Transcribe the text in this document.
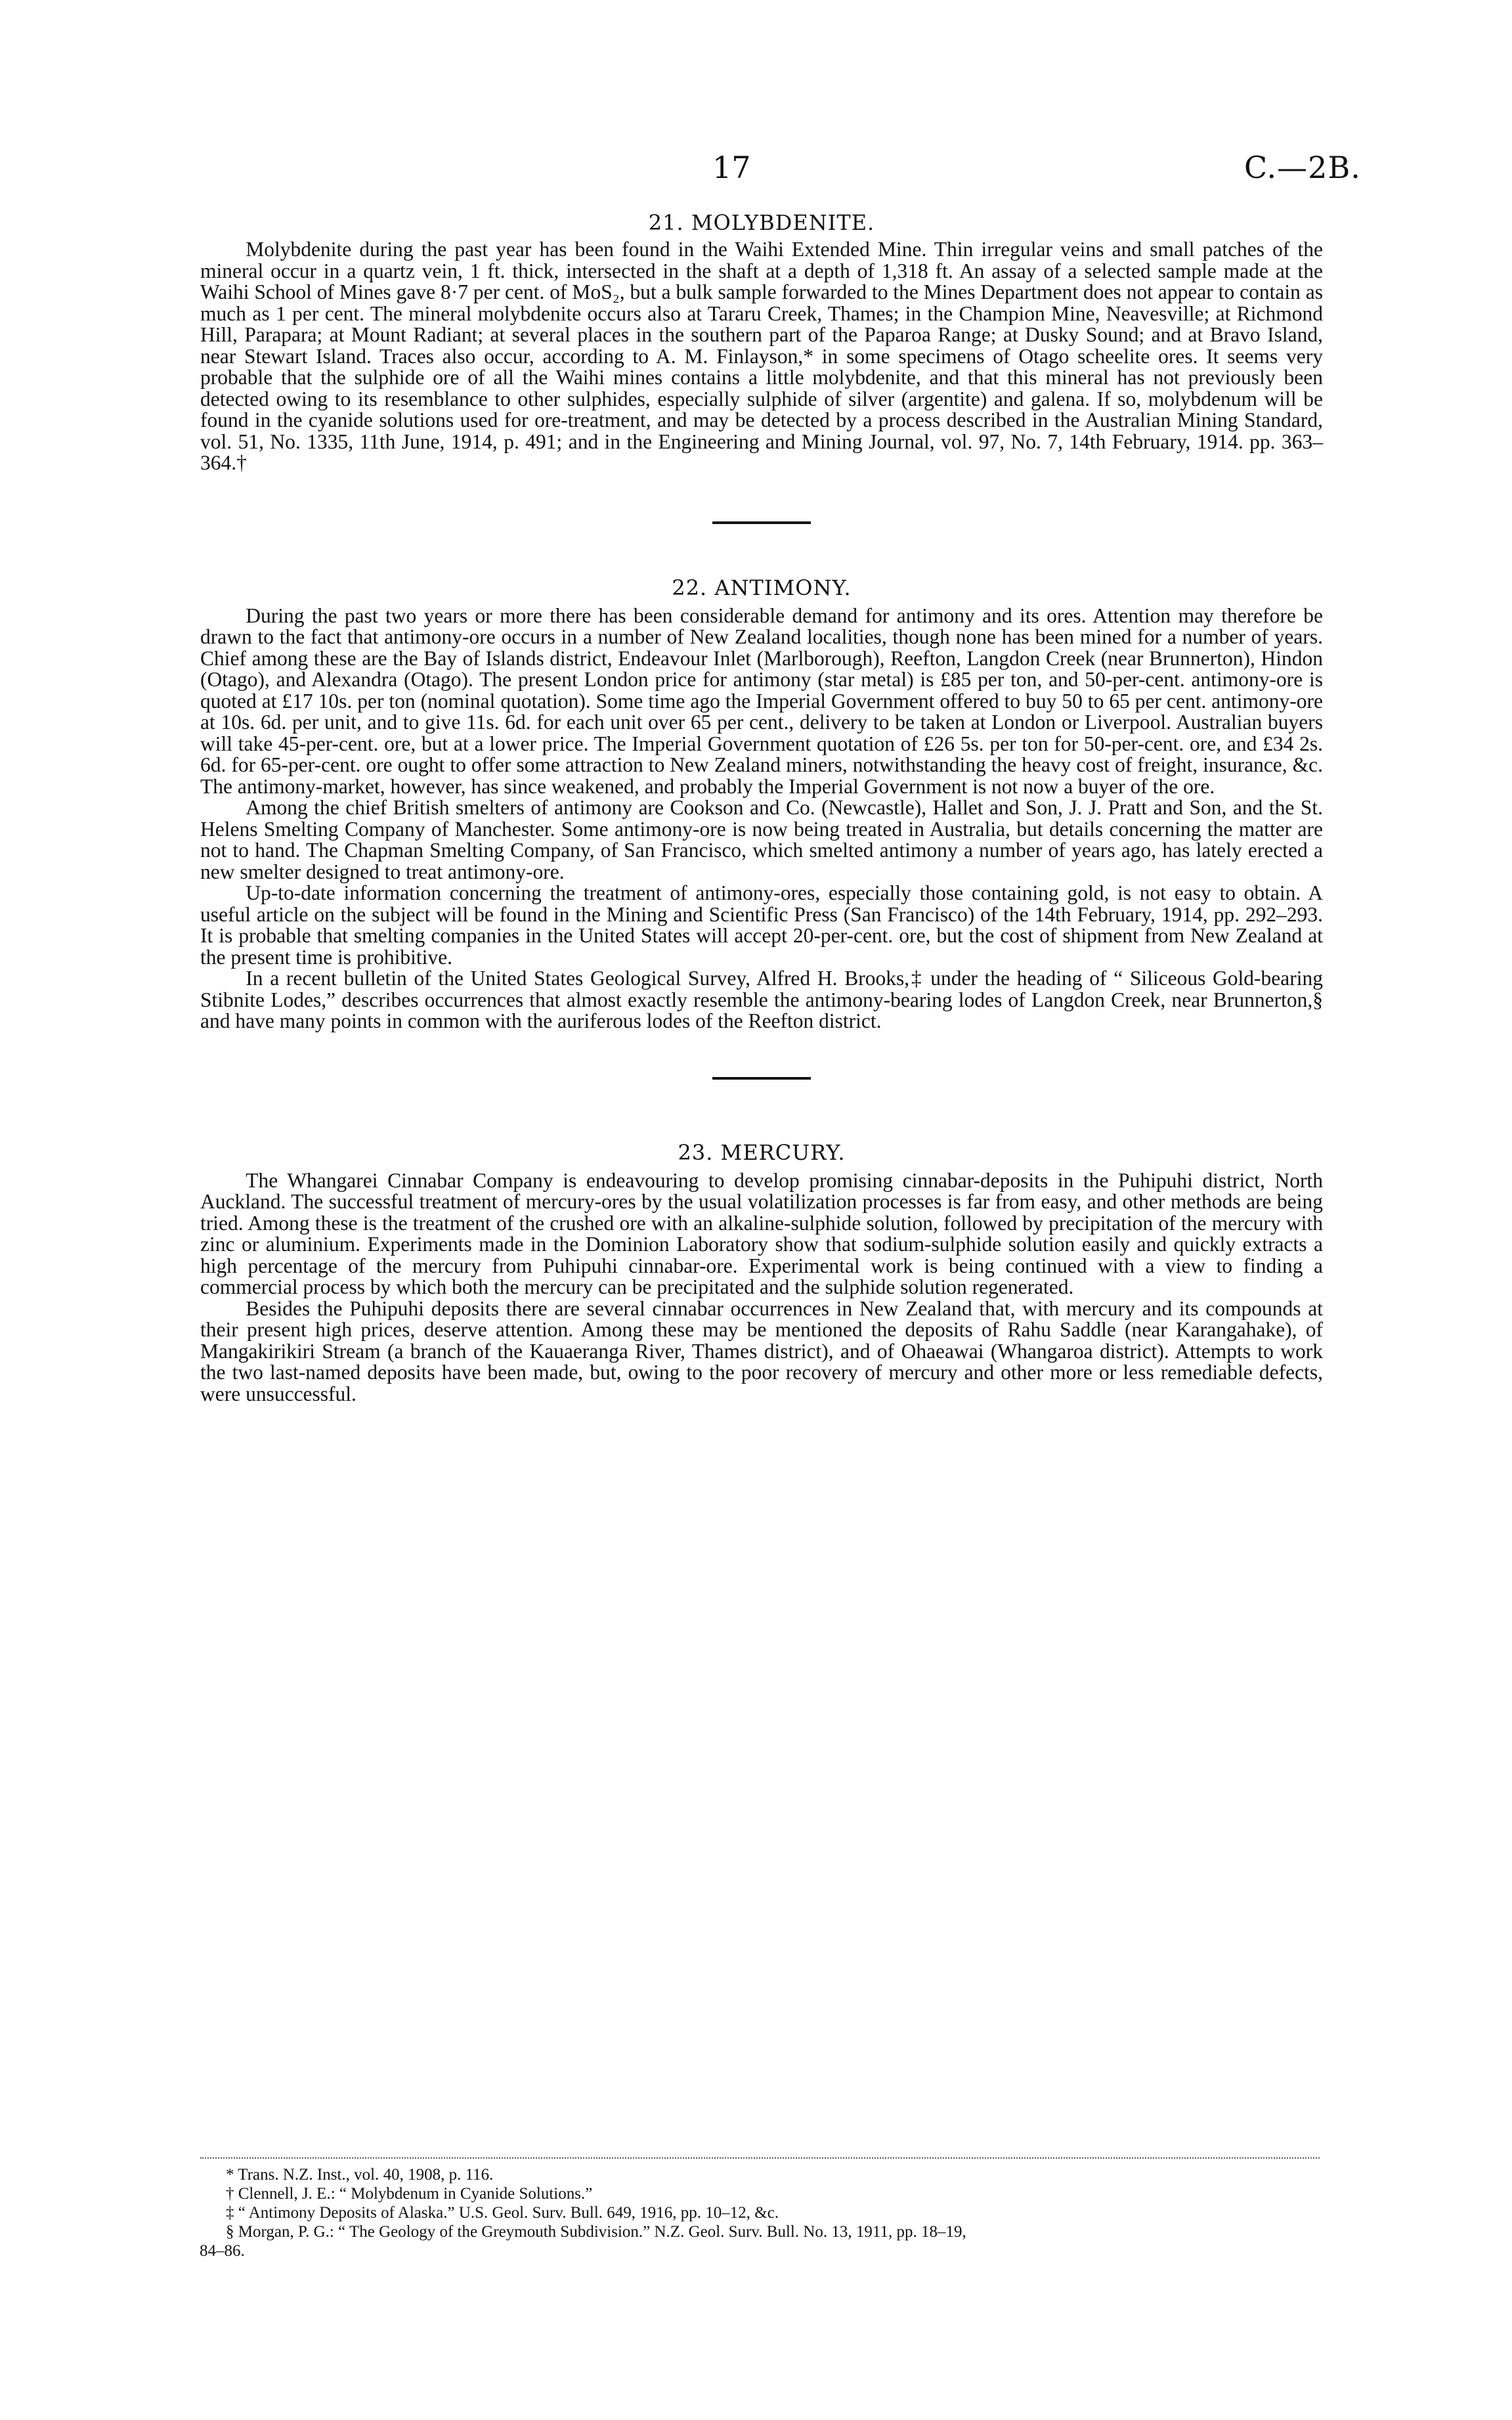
17	C.—2B.
21. MOLYBDENITE.

Molybdenite during the past year has been found in the Waihi Extended Mine. Thin irregular veins and small patches of the mineral occur in a quartz vein, 1 ft. thick, intersected in the shaft at a depth of 1,318 ft. An assay of a selected sample made at the Waihi School of Mines gave 8·7 per cent. of MoS₂, but a bulk sample forwarded to the Mines Department does not appear to contain as much as 1 per cent. The mineral molybdenite occurs also at Tararu Creek, Thames; in the Champion Mine, Neavesville; at Richmond Hill, Parapara; at Mount Radiant; at several places in the southern part of the Paparoa Range; at Dusky Sound; and at Bravo Island, near Stewart Island. Traces also occur, according to A. M. Finlayson,* in some specimens of Otago scheelite ores. It seems very probable that the sulphide ore of all the Waihi mines contains a little molybdenite, and that this mineral has not previously been detected owing to its resemblance to other sulphides, especially sulphide of silver (argentite) and galena. If so, molybdenum will be found in the cyanide solutions used for ore-treatment, and may be detected by a process described in the Australian Mining Standard, vol. 51, No. 1335, 11th June, 1914, p. 491; and in the Engineering and Mining Journal, vol. 97, No. 7, 14th February, 1914. pp. 363–364.†

22. ANTIMONY.

During the past two years or more there has been considerable demand for antimony and its ores. Attention may therefore be drawn to the fact that antimony-ore occurs in a number of New Zealand localities, though none has been mined for a number of years. Chief among these are the Bay of Islands district, Endeavour Inlet (Marlborough), Reefton, Langdon Creek (near Brunnerton), Hindon (Otago), and Alexandra (Otago). The present London price for antimony (star metal) is £85 per ton, and 50-per-cent. antimony-ore is quoted at £17 10s. per ton (nominal quotation). Some time ago the Imperial Government offered to buy 50 to 65 per cent. antimony-ore at 10s. 6d. per unit, and to give 11s. 6d. for each unit over 65 per cent., delivery to be taken at London or Liverpool. Australian buyers will take 45-per-cent. ore, but at a lower price. The Imperial Government quotation of £26 5s. per ton for 50-per-cent. ore, and £34 2s. 6d. for 65-per-cent. ore ought to offer some attraction to New Zealand miners, notwithstanding the heavy cost of freight, insurance, &c. The antimony-market, however, has since weakened, and probably the Imperial Government is not now a buyer of the ore.

Among the chief British smelters of antimony are Cookson and Co. (Newcastle), Hallet and Son, J. J. Pratt and Son, and the St. Helens Smelting Company of Manchester. Some antimony-ore is now being treated in Australia, but details concerning the matter are not to hand. The Chapman Smelting Company, of San Francisco, which smelted antimony a number of years ago, has lately erected a new smelter designed to treat antimony-ore.

Up-to-date information concerning the treatment of antimony-ores, especially those containing gold, is not easy to obtain. A useful article on the subject will be found in the Mining and Scientific Press (San Francisco) of the 14th February, 1914, pp. 292–293. It is probable that smelting companies in the United States will accept 20-per-cent. ore, but the cost of shipment from New Zealand at the present time is prohibitive.

In a recent bulletin of the United States Geological Survey, Alfred H. Brooks,‡ under the heading of “ Siliceous Gold-bearing Stibnite Lodes,” describes occurrences that almost exactly resemble the antimony-bearing lodes of Langdon Creek, near Brunnerton,§ and have many points in common with the auriferous lodes of the Reefton district.

23. MERCURY.

The Whangarei Cinnabar Company is endeavouring to develop promising cinnabar-deposits in the Puhipuhi district, North Auckland. The successful treatment of mercury-ores by the usual volatilization processes is far from easy, and other methods are being tried. Among these is the treatment of the crushed ore with an alkaline-sulphide solution, followed by precipitation of the mercury with zinc or aluminium. Experiments made in the Dominion Laboratory show that sodium-sulphide solution easily and quickly extracts a high percentage of the mercury from Puhipuhi cinnabar-ore. Experimental work is being continued with a view to finding a commercial process by which both the mercury can be precipitated and the sulphide solution regenerated.

Besides the Puhipuhi deposits there are several cinnabar occurrences in New Zealand that, with mercury and its compounds at their present high prices, deserve attention. Among these may be mentioned the deposits of Rahu Saddle (near Karangahake), of Mangakirikiri Stream (a branch of the Kauaeranga River, Thames district), and of Ohaeawai (Whangaroa district). Attempts to work the two last-named deposits have been made, but, owing to the poor recovery of mercury and other more or less remediable defects, were unsuccessful.

* Trans. N.Z. Inst., vol. 40, 1908, p. 116.

† Clennell, J. E.: “ Molybdenum in Cyanide Solutions.”

‡ “ Antimony Deposits of Alaska.” U.S. Geol. Surv. Bull. 649, 1916, pp. 10–12, &c.

§ Morgan, P. G.: “ The Geology of the Greymouth Subdivision.” N.Z. Geol. Surv. Bull. No. 13, 1911, pp. 18–19,

84–86.
